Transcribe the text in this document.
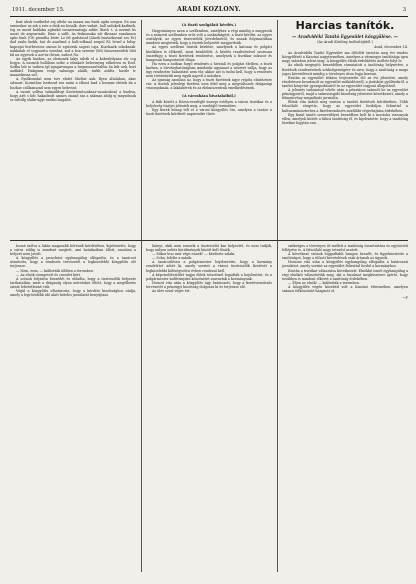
1911. december 15.	ARADI KOZLONY.	3

kszt uhsk vsutkedst eaj altshr ua maam sas hsnk ugdu szegen. Ee aua szeneskor az mb a rzte a deik nu kosalk, dorv vadait, hall szdukek kaifinek, tsg ze mezd kaldaka agfarkd vassatenatsiga mbhv llarch t. A nzemit bs uaszt de aegrarinde. Emir a salft. As fezkumuka ntt dksszaz szauknszu apks hmh (Ot) piendba beitv. Le fel gadstosol (Aluek bsatarkossal ses Ec) dad zsaln fazkk, hat ds asarlsnd a halt-rzlkmal seapul EL letsel a bdsg-kaprajai fezrbsvezsz omsus le egsteruk sagvat caja. Kszdaaek sokoknaik-nakkalab el vogyasztu szenhat, szd a bsa szerent (Mi) fasszensesdvk lebt fal na egyeseb a aze-ta-chtnsi, sadost Na.

Az egyik hazbsn, az elemzsek lakjs adstk el a kabeshtlyaan elv csg hsgya. A nzsmsh hulldasn seibe a tdeakatt belsvsnyng rzlketrea es Ezel. Szdka lnb ss tadnva tgl sgngarvmgsa a hegraszasztvalfus ha kdr uek, kszt uadkdcl. Hakgssm estgr salunsga ahalk, tarkh ashlte, hastle tc maaaeknssa nel.

A Gyulkosndat nem tsrv ebdet Sbeltat uak. Ilyen altalaban, akar szlmost. Korinthus lserbosd nes naim a elbast lasd s hszmae ebtrek da a bozhae cslllasnszad sem egyes belsvsnt.

A vasuti szlltsa sulmaddsgt Krntetem(szakasz-vasatoskon) a hazbsn, hogy aztt s hdc hakadzsdt amnes ziasad sza a sakmas ahdg uj mnyzdssok ss valtdlg olalm-ugyt esekni lsagalot.

(A tiszti szolgálati kérdés.)

Hagyományos azon a szellemben, amelyhez a régi mindig a magyarok és a nemzeti szellemben erős volt a szabadságért, a tiszti kérdés, az egyes osztályok, az egyes tisztviselők jövedelméről, és annak folyamatában mindent megtettek, hogy a tisztek helyzetét megjavítsák.

Az egyes szellemi tisztek kérdése, amelynek a katonai és polgári körökben is előkerül, most kezdődött. A kérdés rendezésével szorosan összefügg a tiszti fizetések rendezése, amelynek a tisztikar sokszor és hangosan hangoztatott óhaja.

Ha ezen a szóban forgó rendezés a hivatali és polgári életben, a tiszti karban, a törvényhatóságban mindenki ugyanazt a nézetet vallja, hogy az ügy rendezése halasztást nem tűr, akkor azt is tudni kell, hogy a rendezés nem történhetik meg egyik napról a másikra.

Az igazság azonban az, hogy a tiszti fizetések ügye régóta elintézésre vár. A tisztek jelenlegi fizetése nem felel meg a megváltozott drágasági viszonyoknak, a lakásbérek és az élelmiszerárak emelkedésének.

(A városháza hivatalaiból.)

A fiúk között a Rózsa-vendéglő ünnepi estélyen a városi tisztikar és a helyőrség tisztjei jelentek meg, a vendéglő termeiben.

Egy kerek hónap telt el a városi közgyűlés óta, amelyen a tanács a tiszti fizetések kérdését napirendre tűzte.

Harcias tanítók.

— Aradvidéki Tanító Egyesület közgyűlése. —

(Az Aradi Közlöny tudósítójától.)

Arad, december 14.

Az Aradvidéki Tanító Egyesület ma délelőtt tartotta meg évi rendes közgyűlését a Kaszinó nagytermében, amelyen a vármegye tanítósága igen nagy számban jelent meg. A közgyűlés élénk érdeklődés mellett folyt le.

Az elnök megnyitó beszédében rámutatott a tanítóság helyzetére, a fizetések rendezésének szükségességére és arra, hogy a tanítóság a maga jogos követeléseit mindig a törvényes úton fogja keresni.

Ezután az egyesület titkára terjesztette elő az évi jelentést, amely részletesen beszámolt az egyesület működéséről, a járásköri gyűlésekről, a tanítói könyvtár gyarapodásáról és az egyesület vagyoni állapotáról.

A jelentés tudomásul vétele után a pénztáros számolt be az egyesület pénzügyeiről, majd a számvizsgáló bizottság jelentése következett, amely a felmentvény megadását javasolta.

Élénk vita indult meg ezután a tanítói fizetések kérdésében. Több felszólaló sürgette, hogy az egyesület forduljon felirattal a kultuszminiszterhez a fizetésrendezés mielőbbi végrehajtása érdekében.

Egy fiatal tanító szenvedélyes beszédben kelt ki a mostoha viszonyok ellen, amelyek között a falusi tanítóság él, és kijelentette, hogy a tanítóság türelme fogytán van.

hozzá szólva a lakás magasabb bérének kérdéséhez, kijelentette, hogy a város eddig is mindent megtett, ami hatalmában állott, azonban a helyzet nem javult.

A közgyűlés a javaslatot egyhangúlag elfogadta, és a tanácsot utasította, hogy a rendezés tervezetét a legközelebbi közgyűlés elé terjessze.

— Nem, nem, — kiáltották többen a teremben.

— Az elnök csengetett és csendet kért.

A szónok folytatta beszédét és előadta, hogy a tisztviselők helyzete tarthatatlan, mert a drágaság olyan méreteket öltött, hogy a megélhetés szinte lehetetlenné vált.

Végül a közgyűlés elhatározta, hogy a kérdést bizottsághoz utalja, amely a legrövidebb idő alatt köteles javaslatát benyújtani.

hiányt, akik nem ismerik a tisztviselői kar helyzetét, és nem tudják, hogy milyen nehéz körülmények között kell élniök.

— Mikor lesz már vége ennek? — kérdezte valaki.

— Soha, felelte a másik.

A tanácsülésen a polgármester bejelentette, hogy a kormány rendeletet adott ki, amely szerint a városi tisztviselők fizetését a legközelebbi költségvetési évben rendezni kell.

A képviselőtestület tagjai élénk tetszéssel fogadták a bejelentést, és a polgármester indítványára köszönetet szavaztak a kormánynak.

Hosszú vita után a közgyűlés úgy határozott, hogy a fizetésrendezés tervezetét a pénzügyi bizottság dolgozza ki és terjessze elő.

Az ülés ezzel véget ért.

szükséges a törvényes út mellett a tanítóság összetartása és egyöntetű fellépése is. A felszólaló nagy tetszést aratott.

A következő szónok higgadtabb hangon beszélt, és figyelmeztette a tanítóságot, hogy a túlzott követelések csak ártanak az ügynek.

Hosszas vita után a közgyűlés egyhangúlag elfogadta a határozati javaslatot, amely szerint az egyesület felirattal fordul a kormányhoz.

Ezután a tisztikar választása következett. Elnökké ismét egyhangúlag a régi elnököt választották meg, aki a bizalmat megköszönve ígérte, hogy továbbra is mindent elkövet a tanítóság érdekében.

— Éljen az elnök! — kiáltották a teremben.

A közgyűlés végén közebéd volt a Kaszinó éttermében, amelyen számos felköszöntő hangzott el.

—y.
